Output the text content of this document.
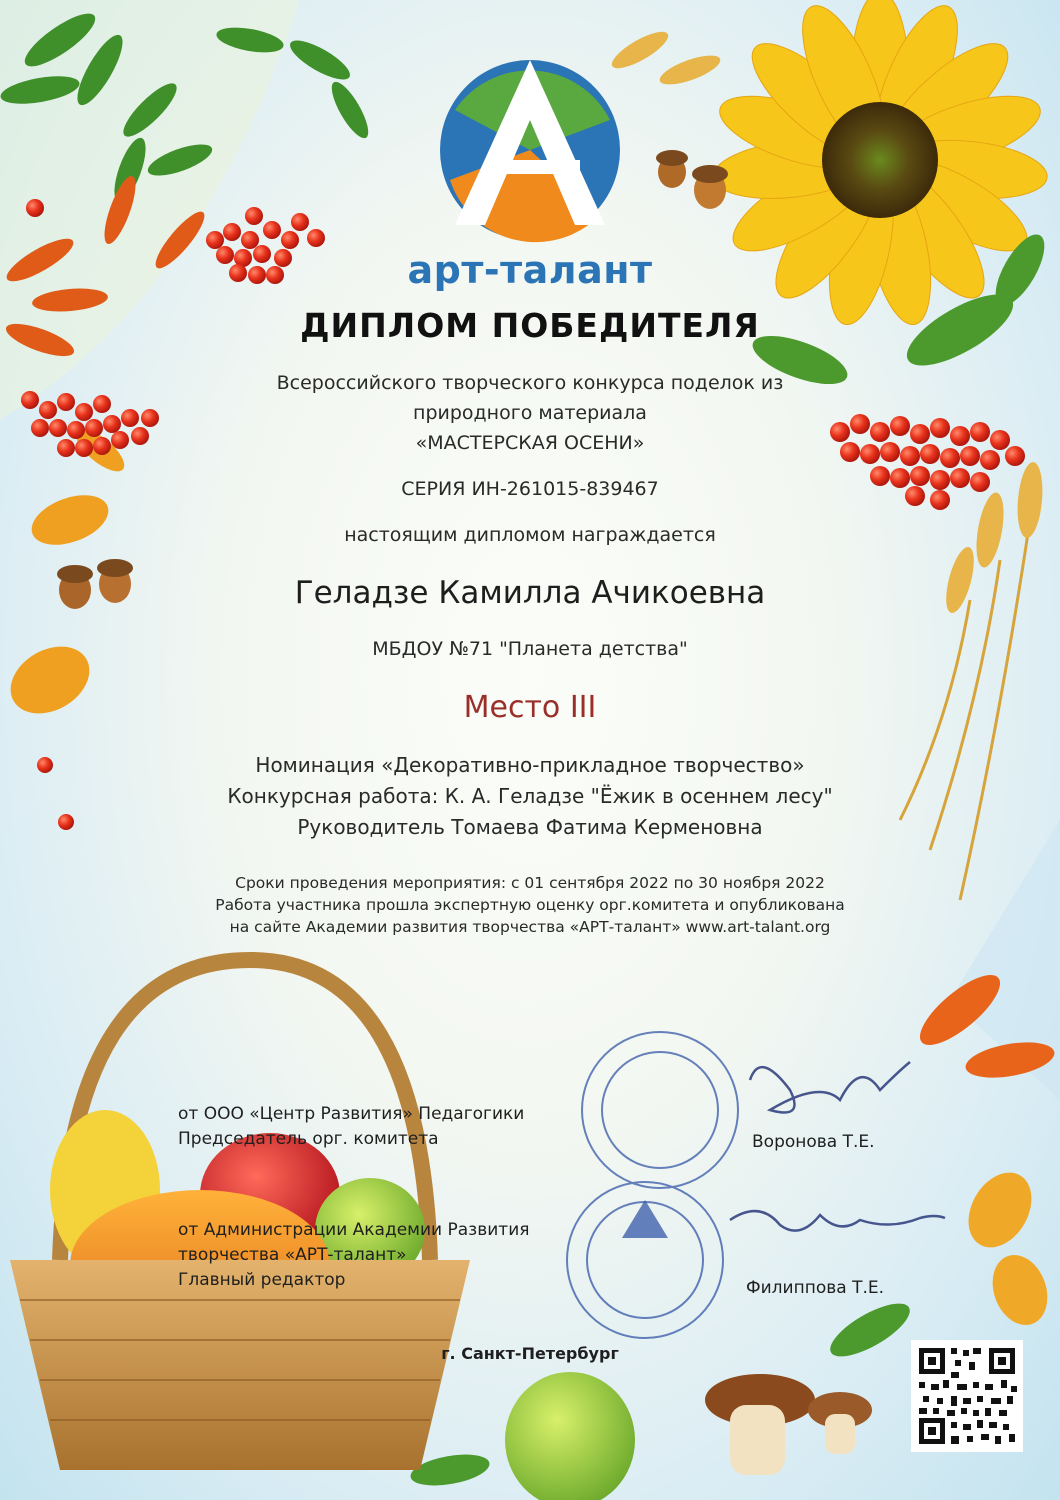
арт-талант
ДИПЛОМ ПОБЕДИТЕЛЯ
Всероссийского творческого конкурса поделок из
природного материала
«МАСТЕРСКАЯ ОСЕНИ»
СЕРИЯ ИН-261015-839467
настоящим дипломом награждается
Геладзе Камилла Ачикоевна
МБДОУ №71 "Планета детства"
Место III
Номинация «Декоративно-прикладное творчество»
Конкурсная работа: К. А. Геладзе "Ёжик в осеннем лесу"
Руководитель Томаева Фатима Керменовна
Сроки проведения мероприятия: с 01 сентября 2022 по 30 ноября 2022
Работа участника прошла экспертную оценку орг.комитета и опубликована
на сайте Академии развития творчества «АРТ-талант» www.art-talant.org
от ООО «Центр Развития» Педагогики
Председатель орг. комитета	Воронова Т.Е.
от Администрации Академии Развития
творчества «АРТ-талант»
Главный редактор	Филиппова Т.Е.
г. Санкт-Петербург
